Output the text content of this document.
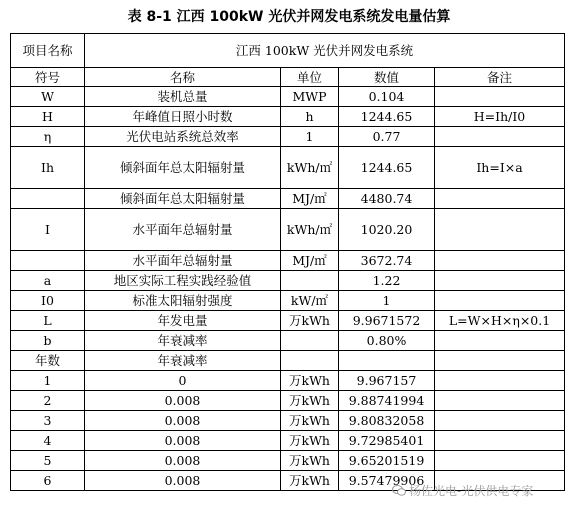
表 8-1 江西 100kW 光伏并网发电系统发电量估算
项目名称	江西 100kW 光伏并网发电系统			
符号	名称	单位	数值	备注
W	装机总量	MWP	0.104	
H	年峰值日照小时数	h	1244.65	H=Ih/I0
η	光伏电站系统总效率	1	0.77	
Ih	倾斜面年总太阳辐射量	kWh/㎡	1244.65	Ih=I×a
	倾斜面年总太阳辐射量	MJ/㎡	4480.74	
I	水平面年总辐射量	kWh/㎡	1020.20	
	水平面年总辐射量	MJ/㎡	3672.74	
a	地区实际工程实践经验值		1.22	
I0	标准太阳辐射强度	kW/㎡	1	
L	年发电量	万kWh	9.9671572	L=W×H×η×0.1
b	年衰减率		0.80%	
年数	年衰减率			
1	0	万kWh	9.967157	
2	0.008	万kWh	9.88741994	
3	0.008	万kWh	9.80832058	
4	0.008	万kWh	9.72985401	
5	0.008	万kWh	9.65201519	
6	0.008	万kWh	9.57479906	
杨佐光电-光伏供电专家
